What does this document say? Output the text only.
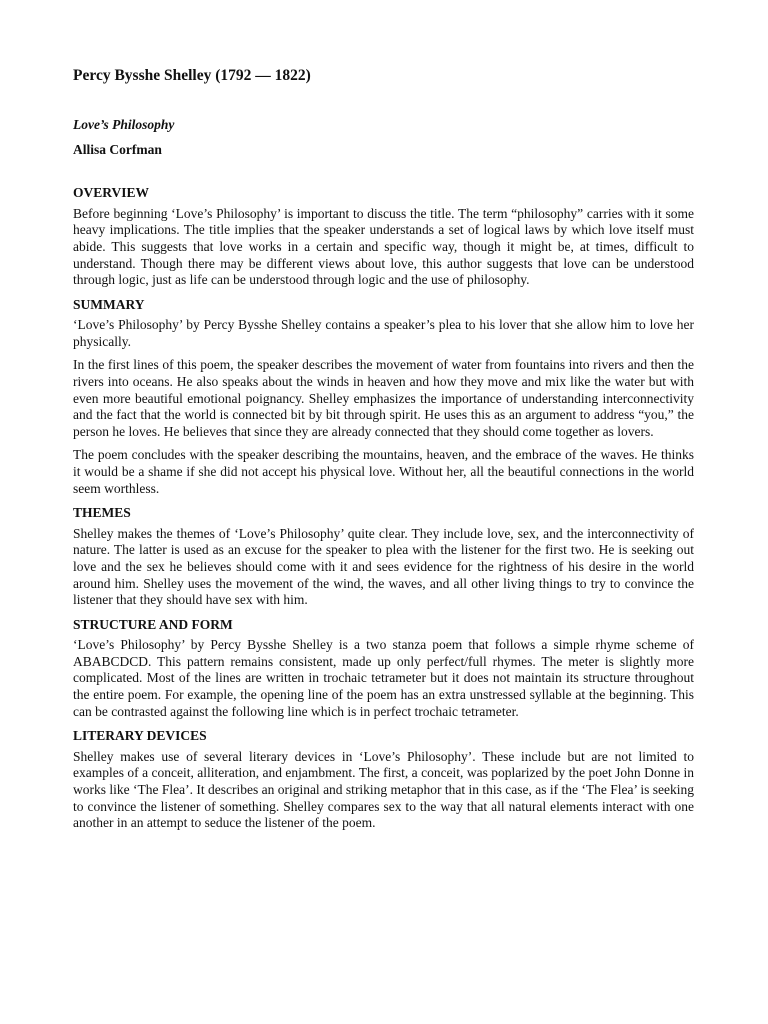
Percy Bysshe Shelley (1792 — 1822)
Love’s Philosophy
Allisa Corfman
OVERVIEW

Before beginning ‘Love’s Philosophy’ is important to discuss the title. The term “philosophy” carries with it some heavy implications. The title implies that the speaker understands a set of logical laws by which love itself must abide. This suggests that love works in a certain and specific way, though it might be, at times, difficult to understand. Though there may be different views about love, this author suggests that love can be understood through logic, just as life can be understood through logic and the use of philosophy.

SUMMARY

‘Love’s Philosophy’ by Percy Bysshe Shelley contains a speaker’s plea to his lover that she allow him to love her physically.

In the first lines of this poem, the speaker describes the movement of water from fountains into rivers and then the rivers into oceans. He also speaks about the winds in heaven and how they move and mix like the water but with even more beautiful emotional poignancy. Shelley emphasizes the importance of understanding interconnectivity and the fact that the world is connected bit by bit through spirit. He uses this as an argument to address “you,” the person he loves. He believes that since they are already connected that they should come together as lovers.

The poem concludes with the speaker describing the mountains, heaven, and the embrace of the waves. He thinks it would be a shame if she did not accept his physical love. Without her, all the beautiful connections in the world seem worthless.

THEMES

Shelley makes the themes of ‘Love’s Philosophy’ quite clear. They include love, sex, and the interconnectivity of nature. The latter is used as an excuse for the speaker to plea with the listener for the first two. He is seeking out love and the sex he believes should come with it and sees evidence for the rightness of his desire in the world around him. Shelley uses the movement of the wind, the waves, and all other living things to try to convince the listener that they should have sex with him.

STRUCTURE AND FORM

‘Love’s Philosophy’ by Percy Bysshe Shelley is a two stanza poem that follows a simple rhyme scheme of ABABCDCD. This pattern remains consistent, made up only perfect/full rhymes. The meter is slightly more complicated. Most of the lines are written in trochaic tetrameter but it does not maintain its structure throughout the entire poem. For example, the opening line of the poem has an extra unstressed syllable at the beginning. This can be contrasted against the following line which is in perfect trochaic tetrameter.

LITERARY DEVICES

Shelley makes use of several literary devices in ‘Love’s Philosophy’. These include but are not limited to examples of a conceit, alliteration, and enjambment. The first, a conceit, was poplarized by the poet John Donne in works like ‘The Flea’. It describes an original and striking metaphor that in this case, as if the ‘The Flea’ is seeking to convince the listener of something. Shelley compares sex to the way that all natural elements interact with one another in an attempt to seduce the listener of the poem.
